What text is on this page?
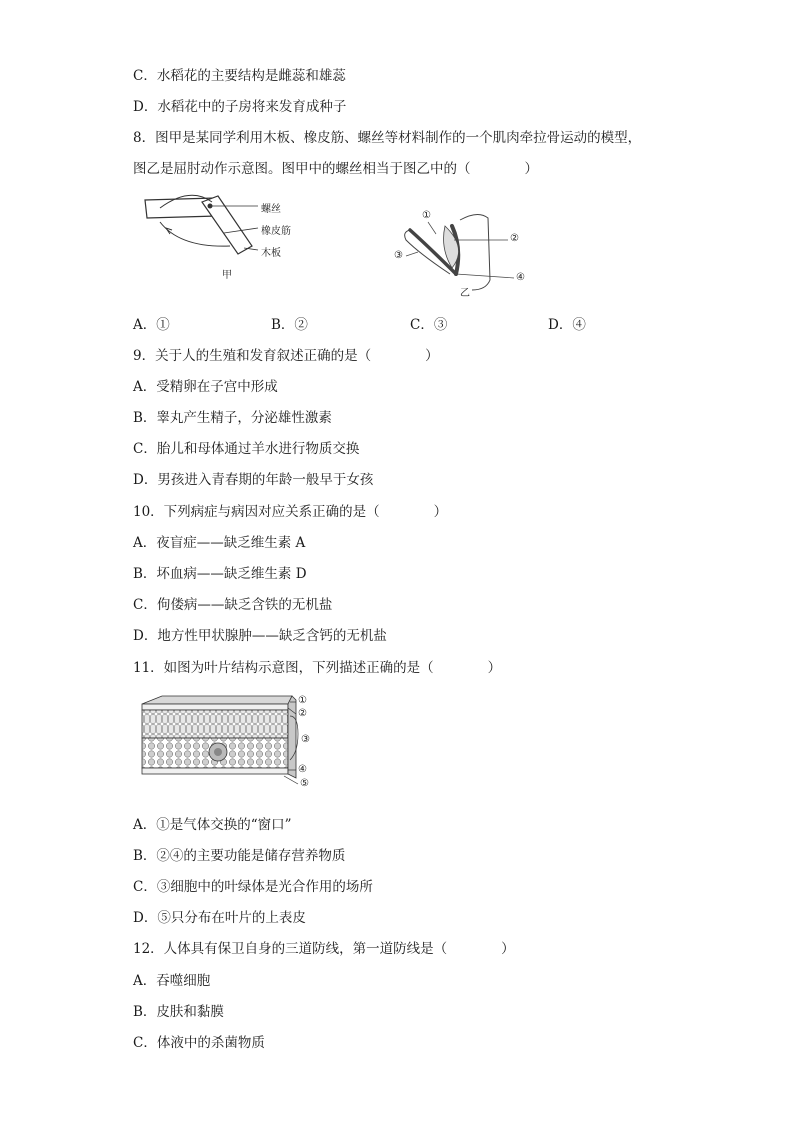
C．水稻花的主要结构是雌蕊和雄蕊
D．水稻花中的子房将来发育成种子
8．图甲是某同学利用木板、橡皮筋、螺丝等材料制作的一个肌肉牵拉骨运动的模型，
图乙是屈肘动作示意图。图甲中的螺丝相当于图乙中的（　　　　）
螺丝
橡皮筋
木板
甲
①
②
③
④
乙
A．①	B．②	C．③	D．④
9．关于人的生殖和发育叙述正确的是（　　　　）
A．受精卵在子宫中形成
B．睾丸产生精子，分泌雄性激素
C．胎儿和母体通过羊水进行物质交换
D．男孩进入青春期的年龄一般早于女孩
10．下列病症与病因对应关系正确的是（　　　　）
A．夜盲症——缺乏维生素 A
B．坏血病——缺乏维生素 D
C．佝偻病——缺乏含铁的无机盐
D．地方性甲状腺肿——缺乏含钙的无机盐
11．如图为叶片结构示意图，下列描述正确的是（　　　　）
①
②
③
④
⑤
A．①是气体交换的“窗口”
B．②④的主要功能是储存营养物质
C．③细胞中的叶绿体是光合作用的场所
D．⑤只分布在叶片的上表皮
12．人体具有保卫自身的三道防线，第一道防线是（　　　　）
A．吞噬细胞
B．皮肤和黏膜
C．体液中的杀菌物质
